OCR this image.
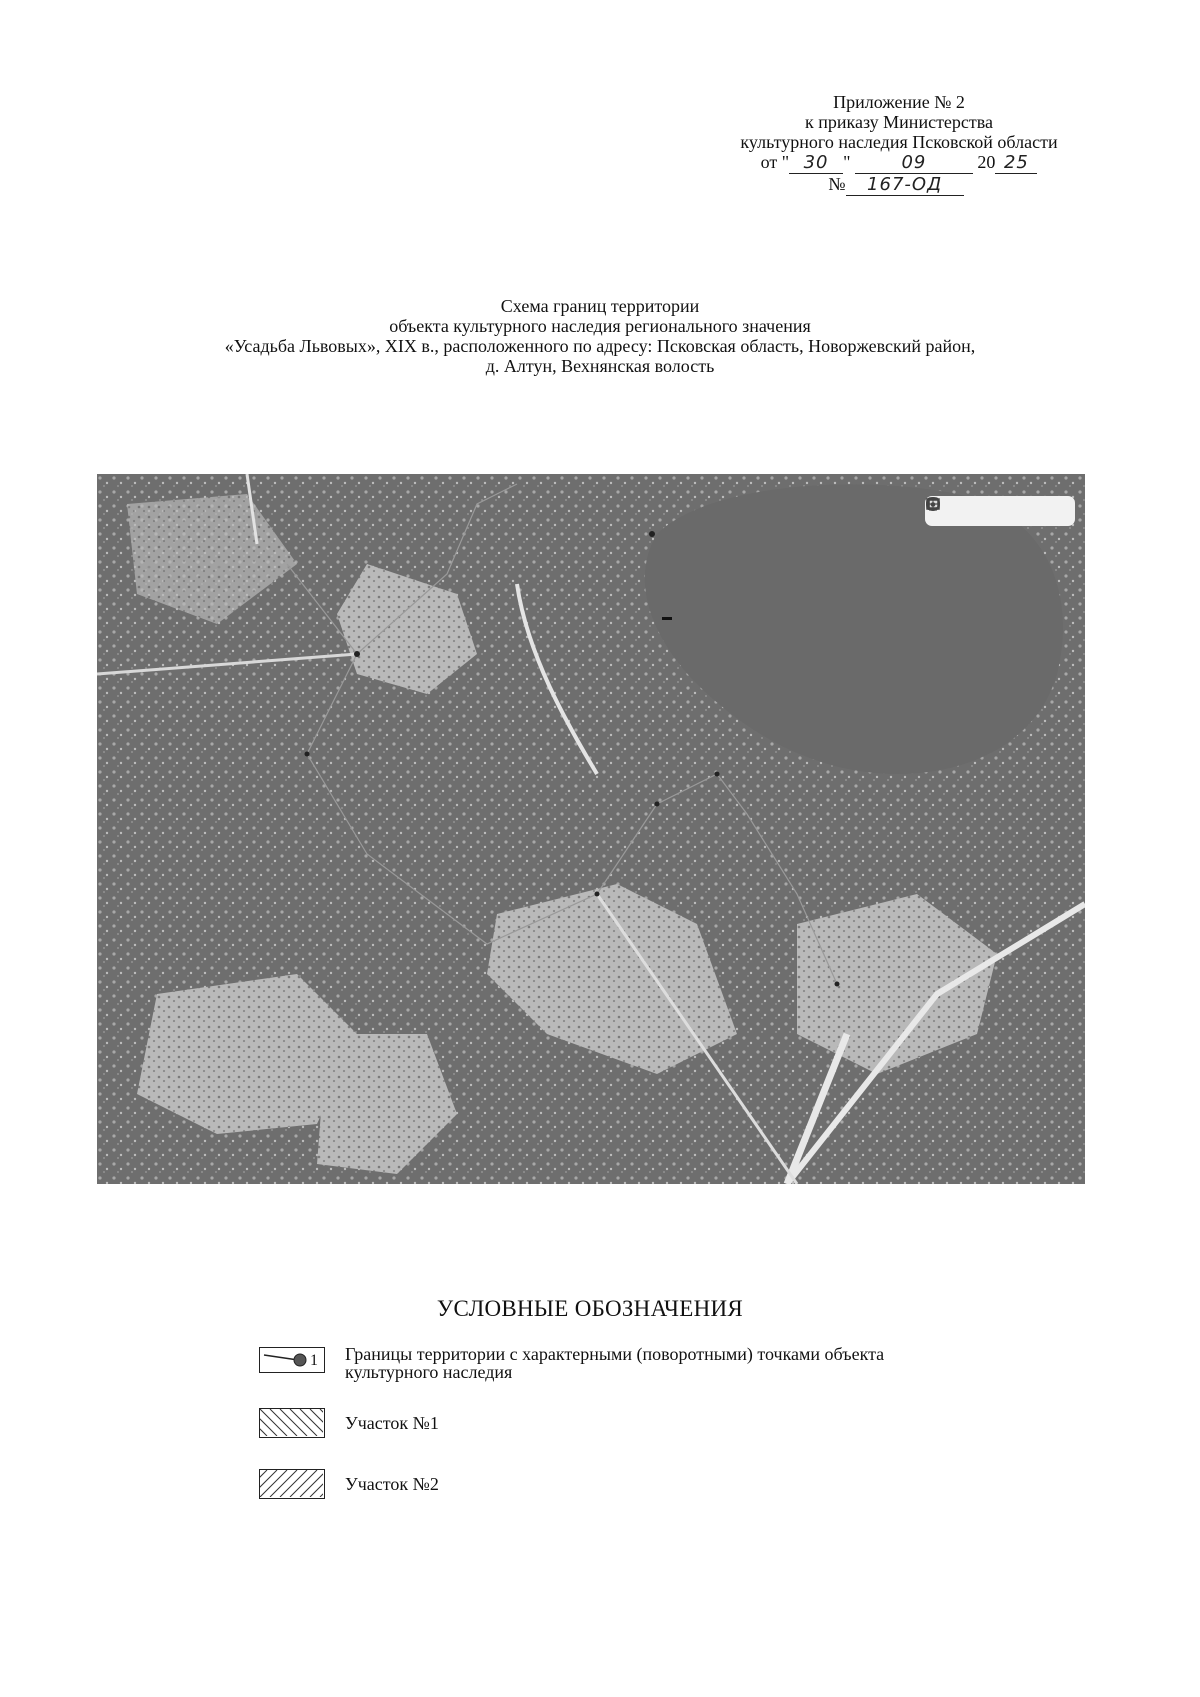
Приложение № 2
к приказу Министерства
культурного наследия Псковской области
от " 30 "	09	20 25
№ 167-ОД
Схема границ территории
объекта культурного наследия регионального значения
«Усадьба Львовых», XIX в., расположенного по адресу: Псковская область, Новоржевский район,
д. Алтун, Вехнянская волость
УСЛОВНЫЕ ОБОЗНАЧЕНИЯ
1 Границы территории с характерными (поворотными) точками объекта
культурного наследия
Участок №1
Участок №2
